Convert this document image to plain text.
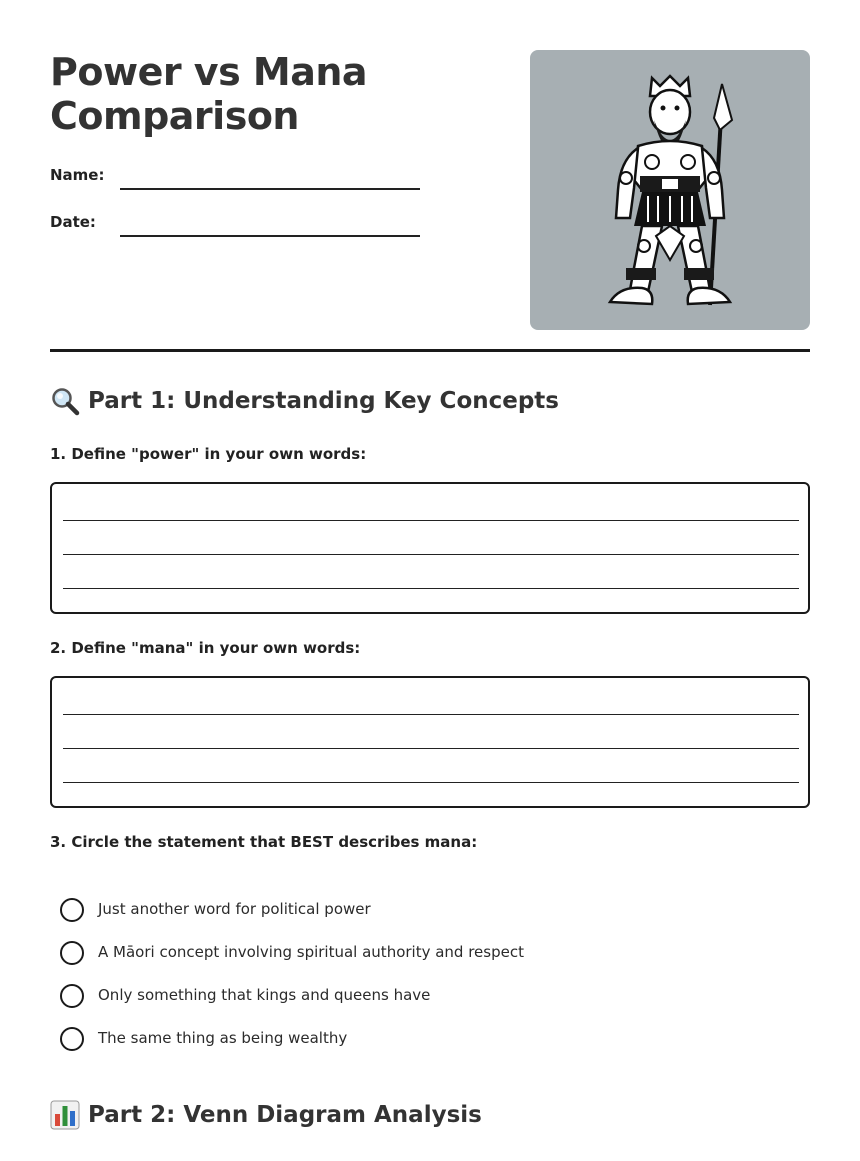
Power vs Mana Comparison
Name:
Date:
Part 1: Understanding Key Concepts
1. Define "power" in your own words:
2. Define "mana" in your own words:
3. Circle the statement that BEST describes mana:
Just another word for political power
A Māori concept involving spiritual authority and respect
Only something that kings and queens have
The same thing as being wealthy
Part 2: Venn Diagram Analysis
